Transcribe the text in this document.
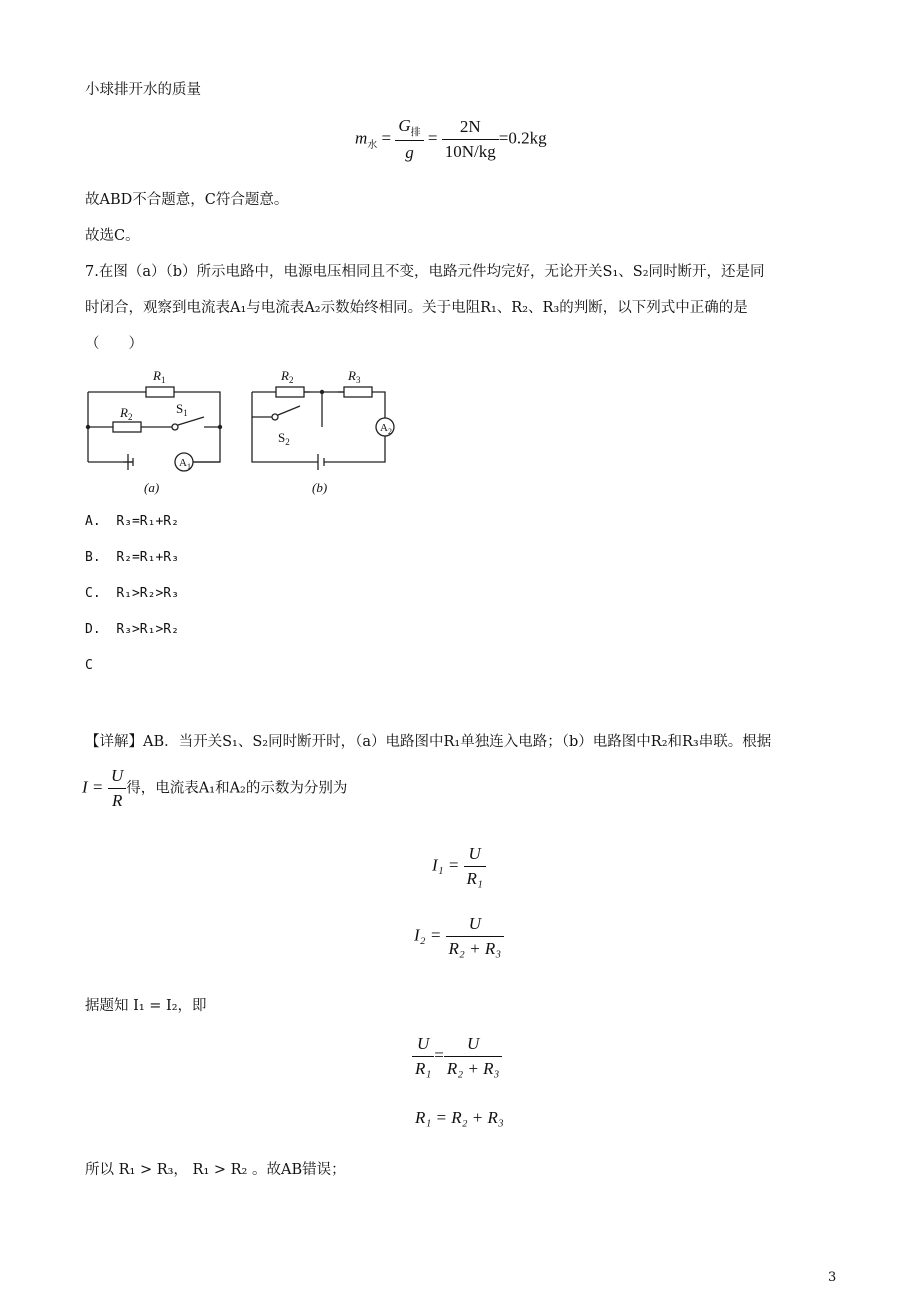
小球排开水的质量
$m_水 = \frac{G_排}{g} = \frac{2N}{10N/kg} =0.2kg$
故ABD不合题意，C符合题意。
故选C。
7.在图（a）（b）所示电路中，电源电压相同且不变，电路元件均完好，无论开关S₁、S₂同时断开，还是同
时闭合，观察到电流表A₁与电流表A₂示数始终相同。关于电阻R₁、R₂、R₃的判断，以下列式中正确的是
（　　）
$R_1$
$R_2$
$S_1$
$A_1$
(a)
$R_2$	$R_3$
$S_2$
$A_2$
(b)
A. R₃=R₁+R₂
B. R₂=R₁+R₃
C. R₁>R₂>R₃
D. R₃>R₁>R₂
C
【详解】AB．当开关S₁、S₂同时断开时，（a）电路图中R₁单独连入电路；（b）电路图中R₂和R₃串联。根据
$I = \frac{U}{R}$ 得，电流表A₁和A₂的示数为分别为
$I_1 = \frac{U}{\text{R₁}}$
$I_2 = \frac{U}{\text{R₂ + R₃}}$
据题知 I₁ = I₂，即
$\frac{U}{\text{R₁}} = \frac{U}{\text{R₂ + R₃}}$
R₁ = R₂ + R₃
所以 R₁ > R₃， R₁ > R₂ 。故AB错误；
3
